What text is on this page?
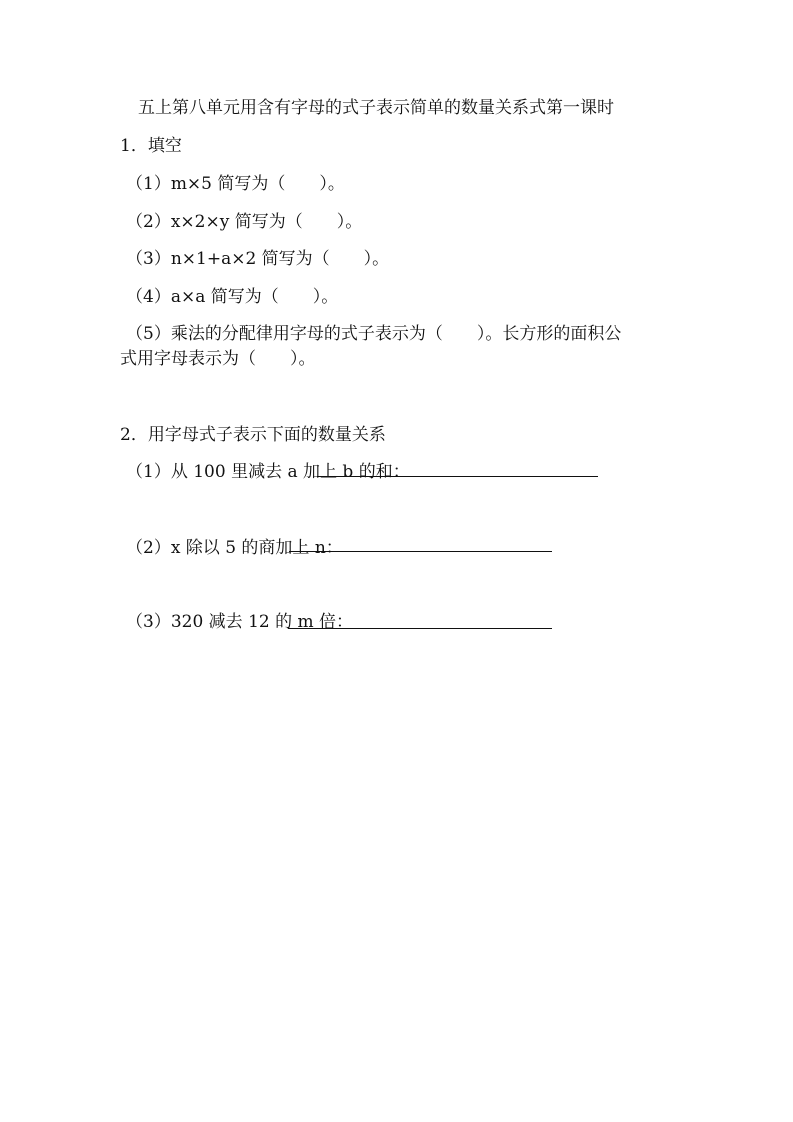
五上第八单元用含有字母的式子表示简单的数量关系式第一课时
1．填空
（1）m×5 简写为（　　）。
（2）x×2×y 简写为（　　）。
（3）n×1+a×2 简写为（　　）。
（4）a×a 简写为（　　）。
（5）乘法的分配律用字母的式子表示为（　　）。长方形的面积公
式用字母表示为（　　）。
2．用字母式子表示下面的数量关系
（1）从 100 里减去 a 加上 b 的和：
（2）x 除以 5 的商加上 n：
（3）320 减去 12 的 m 倍：
